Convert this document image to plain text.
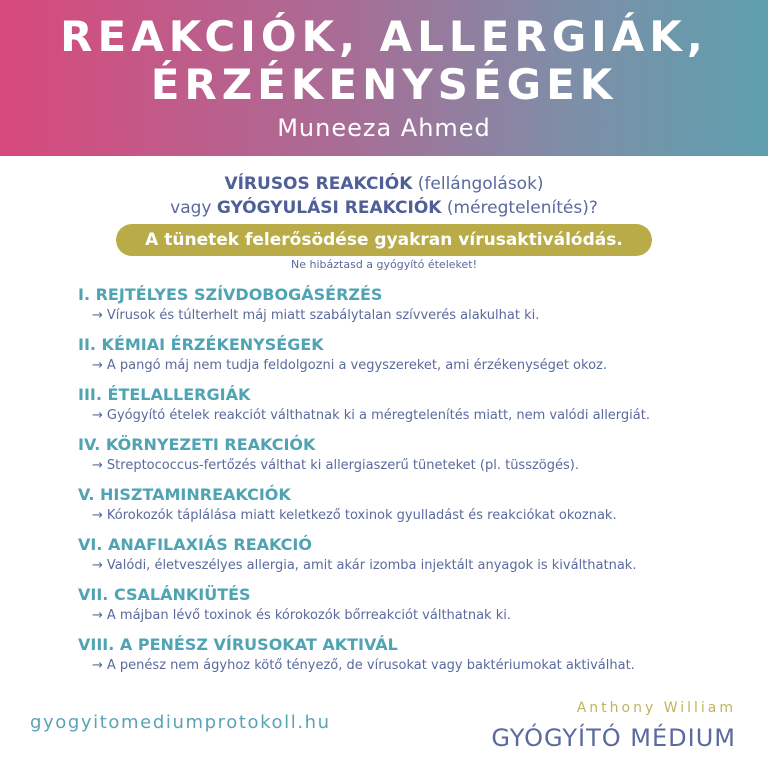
REAKCIÓK, ALLERGIÁK,
ÉRZÉKENYSÉGEK
Muneeza Ahmed
VÍRUSOS REAKCIÓK (fellángolások)
vagy GYÓGYULÁSI REAKCIÓK (méregtelenítés)?
A tünetek felerősödése gyakran vírusaktiválódás.
Ne hibáztasd a gyógyító ételeket!
I. REJTÉLYES SZÍVDOBOGÁSÉRZÉS
→ Vírusok és túlterhelt máj miatt szabálytalan szívverés alakulhat ki.
II. KÉMIAI ÉRZÉKENYSÉGEK
→ A pangó máj nem tudja feldolgozni a vegyszereket, ami érzékenységet okoz.
III. ÉTELALLERGIÁK
→ Gyógyító ételek reakciót válthatnak ki a méregtelenítés miatt, nem valódi allergiát.
IV. KÖRNYEZETI REAKCIÓK
→ Streptococcus-fertőzés válthat ki allergiaszerű tüneteket (pl. tüsszögés).
V. HISZTAMINREAKCIÓK
→ Kórokozók táplálása miatt keletkező toxinok gyulladást és reakciókat okoznak.
VI. ANAFILAXIÁS REAKCIÓ
→ Valódi, életveszélyes allergia, amit akár izomba injektált anyagok is kiválthatnak.
VII. CSALÁNKIÜTÉS
→ A májban lévő toxinok és kórokozók bőrreakciót válthatnak ki.
VIII. A PENÉSZ VÍRUSOKAT AKTIVÁL
→ A penész nem ágyhoz kötő tényező, de vírusokat vagy baktériumokat aktiválhat.
gyogyitomediumprotokoll.hu
Anthony William
GYÓGYÍTÓ MÉDIUM
